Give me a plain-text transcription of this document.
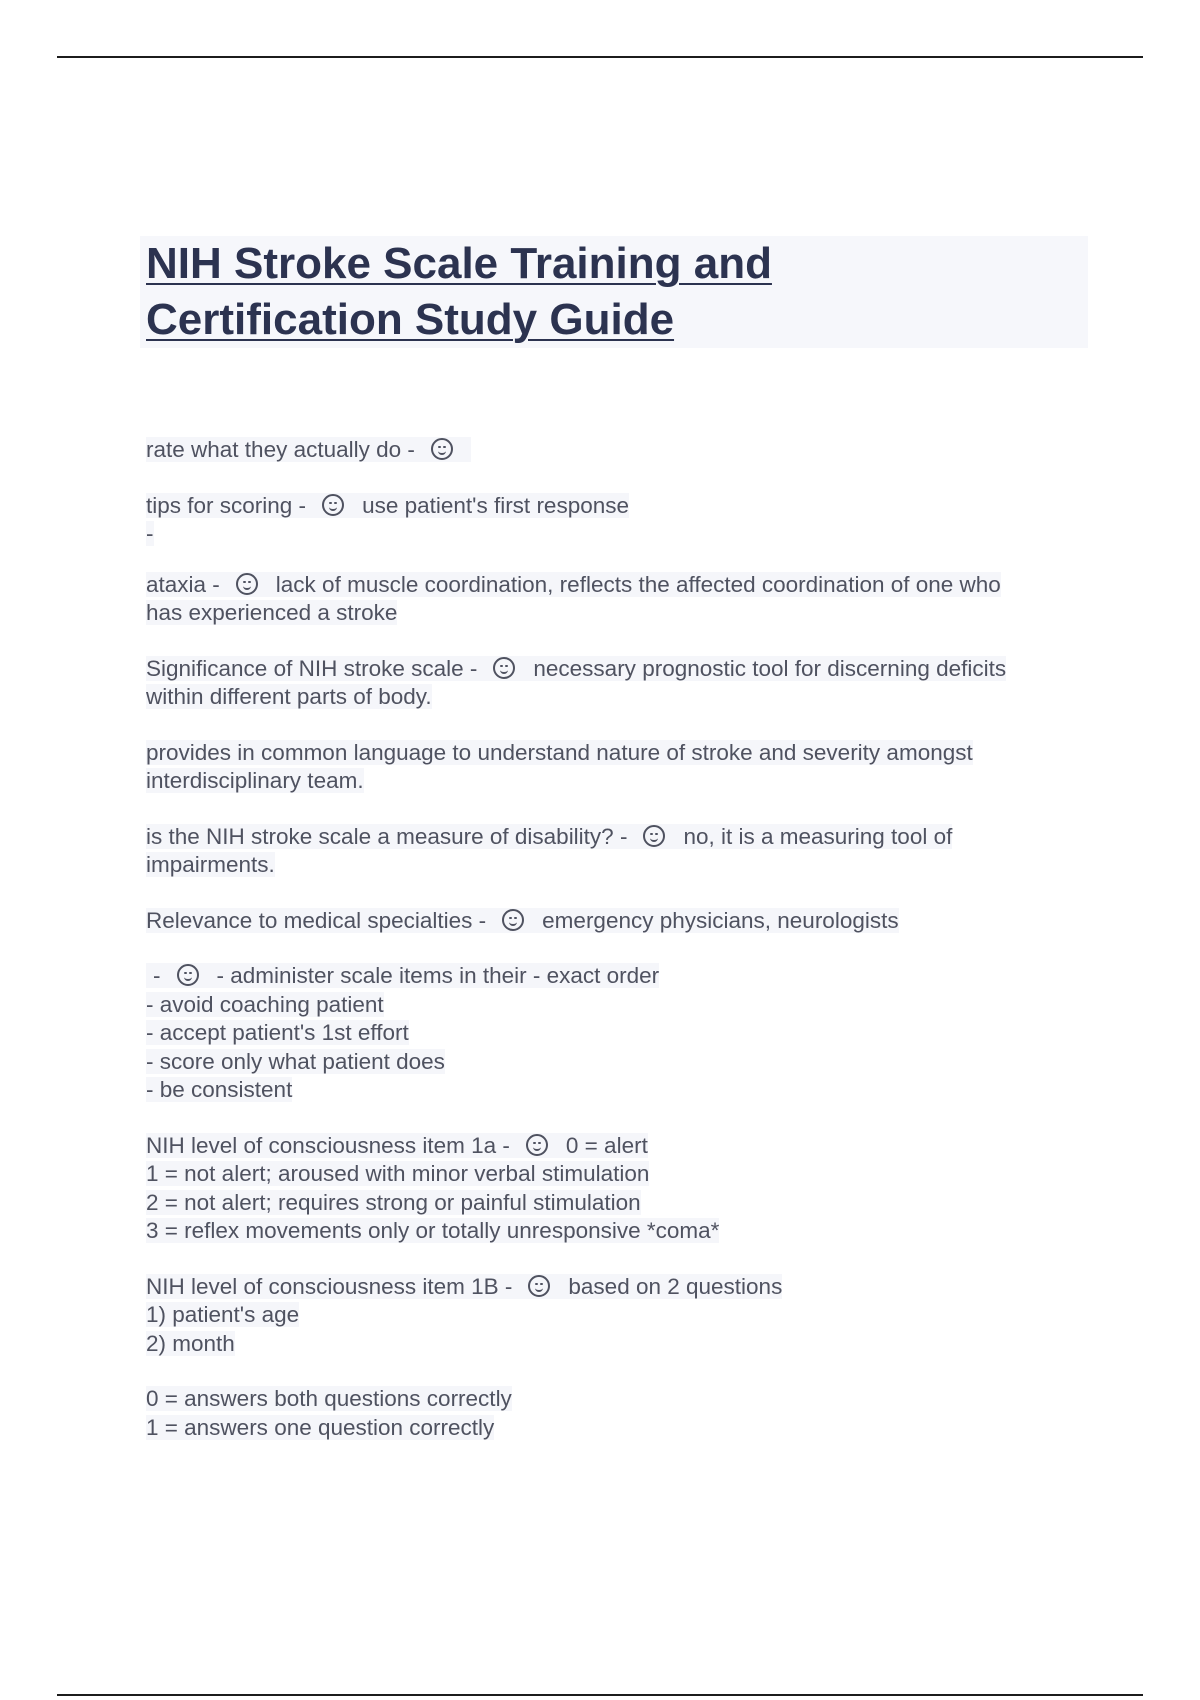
NIH Stroke Scale Training and
Certification Study Guide
rate what they actually do -
tips for scoring - use patient's first response
-
ataxia - lack of muscle coordination, reflects the affected coordination of one who
has experienced a stroke
Significance of NIH stroke scale - necessary prognostic tool for discerning deficits
within different parts of body.
provides in common language to understand nature of stroke and severity amongst
interdisciplinary team.
is the NIH stroke scale a measure of disability? - no, it is a measuring tool of
impairments.
Relevance to medical specialties - emergency physicians, neurologists
- - administer scale items in their - exact order
- avoid coaching patient
- accept patient's 1st effort
- score only what patient does
- be consistent
NIH level of consciousness item 1a - 0 = alert
1 = not alert; aroused with minor verbal stimulation
2 = not alert; requires strong or painful stimulation
3 = reflex movements only or totally unresponsive *coma*
NIH level of consciousness item 1B - based on 2 questions
1) patient's age
2) month
0 = answers both questions correctly
1 = answers one question correctly
